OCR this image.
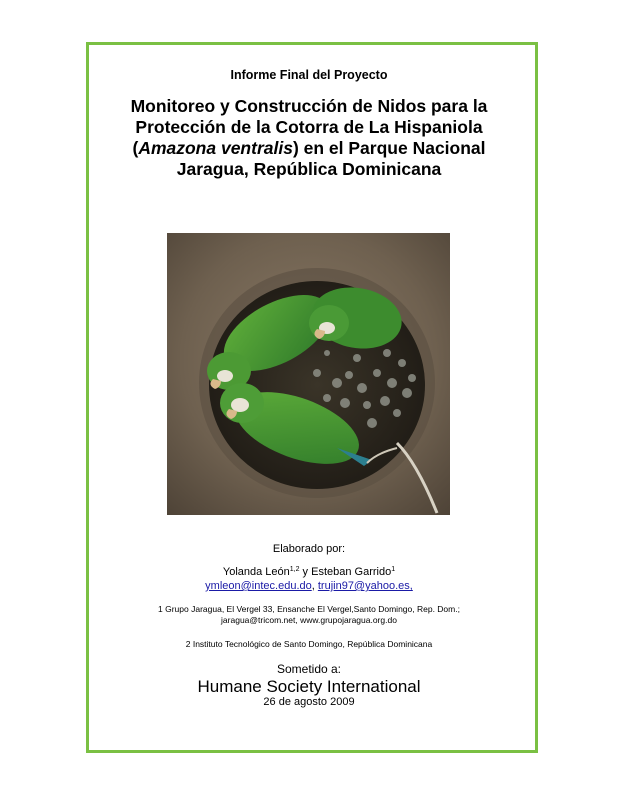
Informe Final del Proyecto
Monitoreo y Construcción de Nidos para la
Protección de la Cotorra de La Hispaniola
(Amazona ventralis) en el Parque Nacional
Jaragua, República Dominicana
Elaborado por:
Yolanda León$^{1,2}$ y Esteban Garrido$^1$
ymleon@intec.edu.do, trujin97@yahoo.es,
1 Grupo Jaragua, El Vergel 33, Ensanche El Vergel,Santo Domingo, Rep. Dom.;
jaragua@tricom.net, www.grupojaragua.org.do
2 Instituto Tecnológico de Santo Domingo, República Dominicana
Sometido a:
Humane Society International
26 de agosto 2009
